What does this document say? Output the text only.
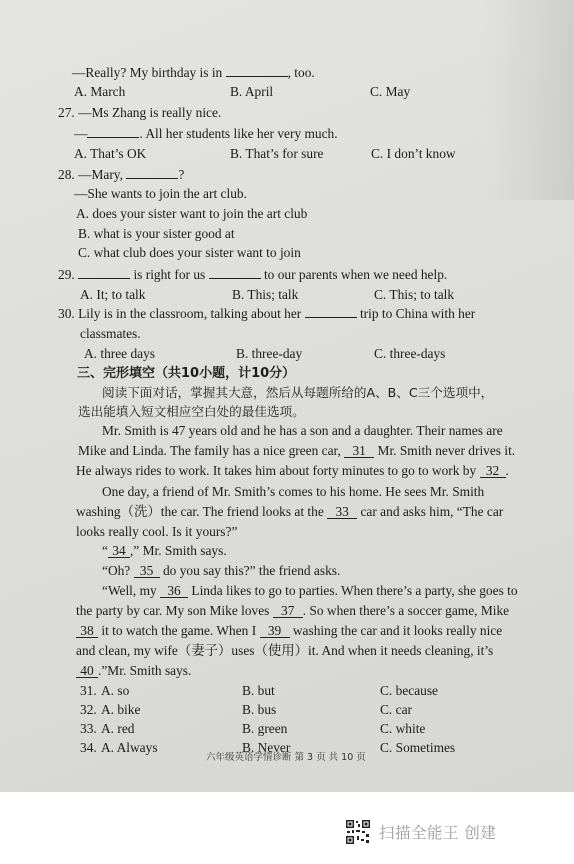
—Really? My birthday is in	, too.
A. March	B. April	C. May
27. —Ms Zhang is really nice.
—	. All her students like her very much.
A. That’s OK	B. That’s for sure	C. I don’t know
28. —Mary,	?
—She wants to join the art club.
A. does your sister want to join the art club
B. what is your sister good at
C. what club does your sister want to join
29.	is right for us	to our parents when we need help.
A. It; to talk	B. This; talk	C. This; to talk
30. Lily is in the classroom, talking about her	trip to China with her
classmates.
A. three days	B. three-day	C. three-days
三、完形填空（共10小题，计10分）
阅读下面对话，掌握其大意，然后从每题所给的A、B、C三个选项中，
选出能填入短文相应空白处的最佳选项。
Mr. Smith is 47 years old and he has a son and a daughter. Their names are
Mike and Linda. The family has a nice green car, 31 Mr. Smith never drives it.
He always rides to work. It takes him about forty minutes to go to work by 32 .
One day, a friend of Mr. Smith’s comes to his home. He sees Mr. Smith
washing（洗）the car. The friend looks at the 33 car and asks him, “The car
looks really cool. Is it yours?”
“ 34 ,” Mr. Smith says.
“Oh? 35 do you say this?” the friend asks.
“Well, my 36 Linda likes to go to parties. When there’s a party, she goes to
the party by car. My son Mike loves 37 . So when there’s a soccer game, Mike
38 it to watch the game. When I 39 washing the car and it looks really nice
and clean, my wife（妻子）uses（使用）it. And when it needs cleaning, it’s
40 .”Mr. Smith says.
31. A. so	B. but	C. because
32. A. bike	B. bus	C. car
33. A. red	B. green	C. white
34. A. Always	B. Never	C. Sometimes
六年级英语学情诊断 第 3 页 共 10 页
扫描全能王 创建
